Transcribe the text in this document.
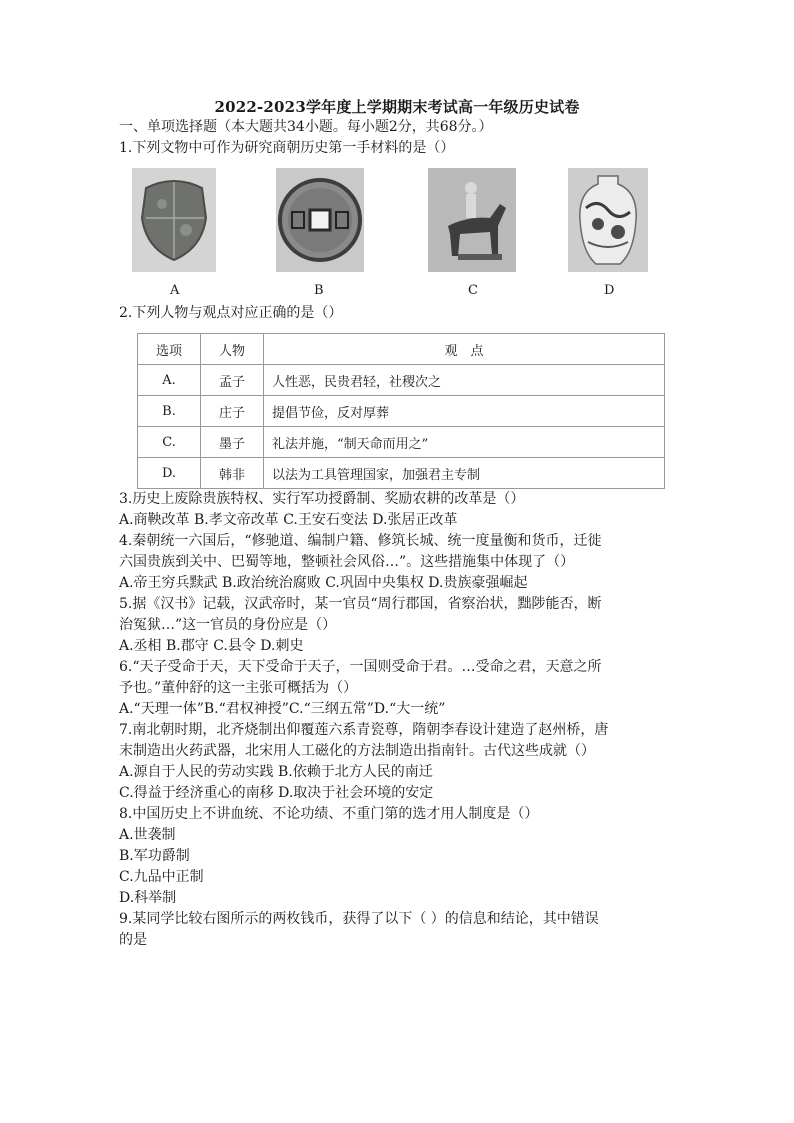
2022-2023学年度上学期期末考试高一年级历史试卷
一、单项选择题（本大题共34小题。每小题2分，共68分。）
1.下列文物中可作为研究商朝历史第一手材料的是（）
A	B	C	D
2.下列人物与观点对应正确的是（）
选项	人物	观　点
A.	孟子	人性恶，民贵君轻，社稷次之
B.	庄子	提倡节俭，反对厚葬
C.	墨子	礼法并施，“制天命而用之”
D.	韩非	以法为工具管理国家，加强君主专制
3.历史上废除贵族特权、实行军功授爵制、奖励农耕的改革是（）
A.商鞅改革 B.孝文帝改革 C.王安石变法 D.张居正改革
4.秦朝统一六国后，“修驰道、编制户籍、修筑长城、统一度量衡和货币，迁徙
六国贵族到关中、巴蜀等地，整顿社会风俗…”。这些措施集中体现了（）
A.帝王穷兵黩武 B.政治统治腐败 C.巩固中央集权 D.贵族豪强崛起
5.据《汉书》记载，汉武帝时，某一官员“周行郡国，省察治状，黜陟能否，断
治冤狱…”这一官员的身份应是（）
A.丞相 B.郡守 C.县令 D.刺史
6.“天子受命于天，天下受命于天子，一国则受命于君。…受命之君，天意之所
予也。”董仲舒的这一主张可概括为（）
A.“天理一体”B.“君权神授”C.“三纲五常”D.“大一统”
7.南北朝时期，北齐烧制出仰覆莲六系青瓷尊，隋朝李春设计建造了赵州桥，唐
末制造出火药武器，北宋用人工磁化的方法制造出指南针。古代这些成就（）
A.源自于人民的劳动实践 B.依赖于北方人民的南迁
C.得益于经济重心的南移 D.取决于社会环境的安定
8.中国历史上不讲血统、不论功绩、不重门第的选才用人制度是（）
A.世袭制
B.军功爵制
C.九品中正制
D.科举制
9.某同学比较右图所示的两枚钱币，获得了以下（ ）的信息和结论，其中错误
的是
